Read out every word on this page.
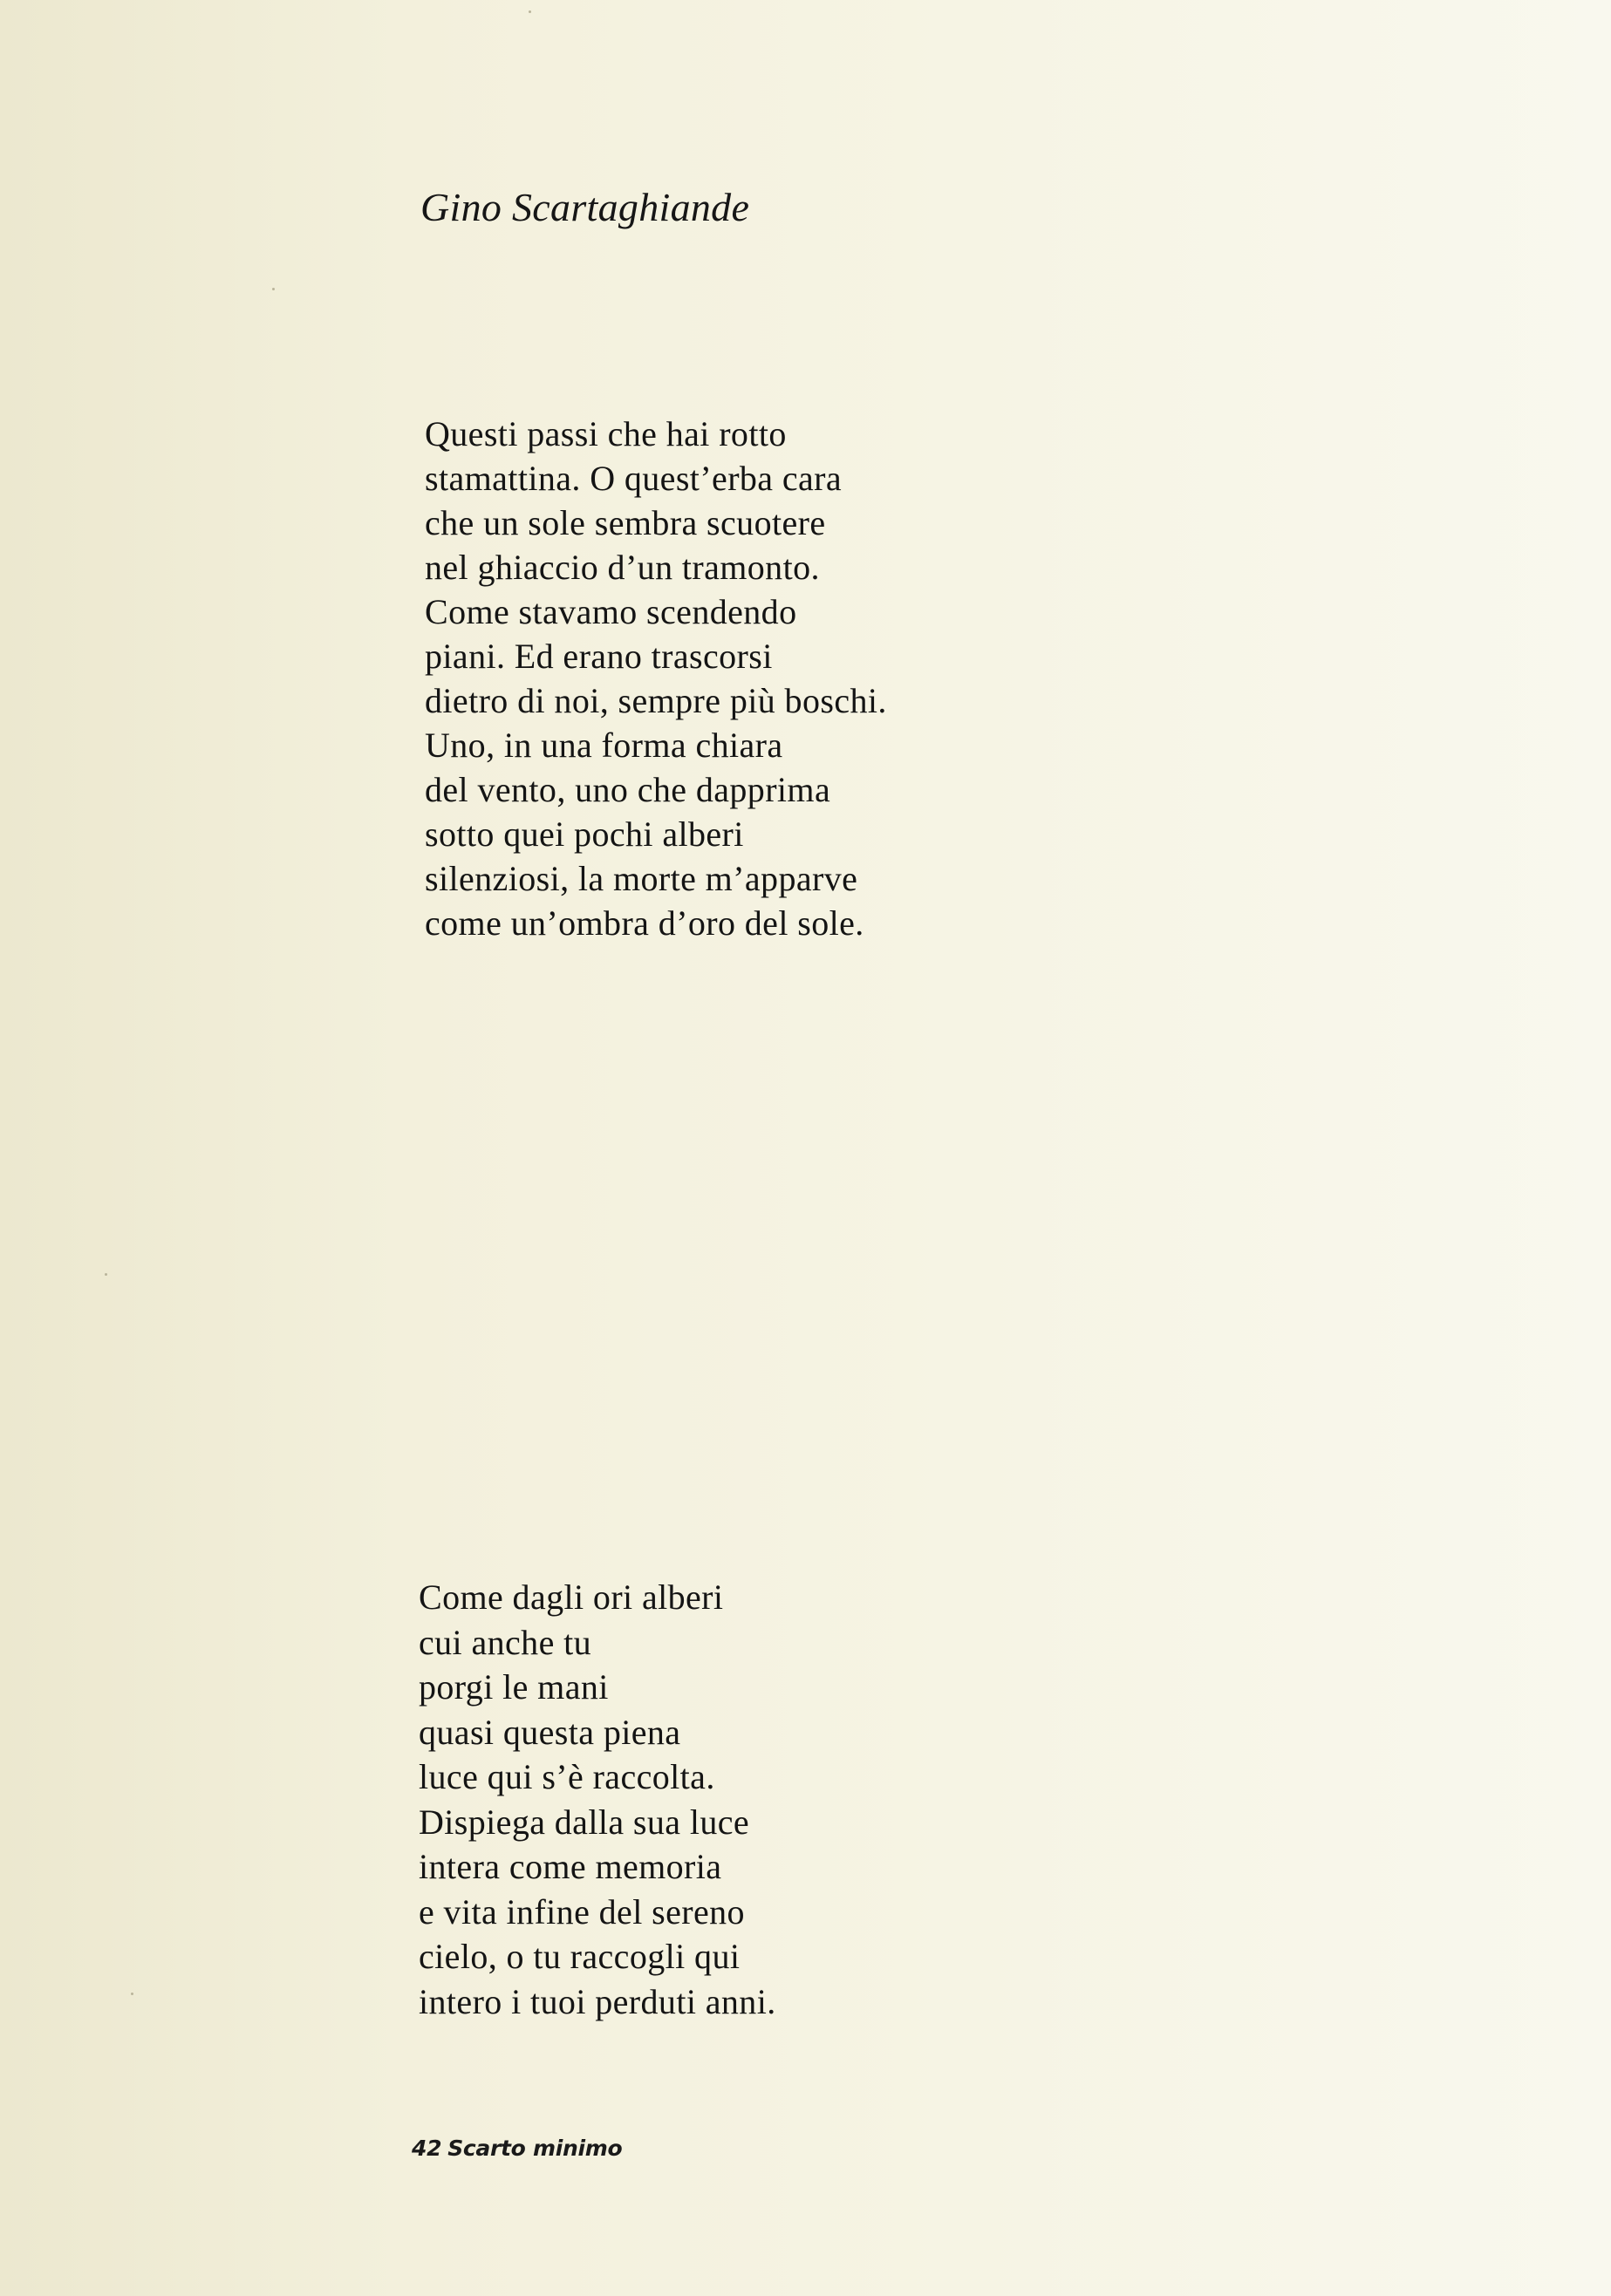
Gino Scartaghiande
Questi passi che hai rotto
stamattina. O quest’erba cara
che un sole sembra scuotere
nel ghiaccio d’un tramonto.
Come stavamo scendendo
piani. Ed erano trascorsi
dietro di noi, sempre più boschi.
Uno, in una forma chiara
del vento, uno che dapprima
sotto quei pochi alberi
silenziosi, la morte m’apparve
come un’ombra d’oro del sole.
Come dagli ori alberi
cui anche tu
porgi le mani
quasi questa piena
luce qui s’è raccolta.
Dispiega dalla sua luce
intera come memoria
e vita infine del sereno
cielo, o tu raccogli qui
intero i tuoi perduti anni.
42 Scarto minimo
